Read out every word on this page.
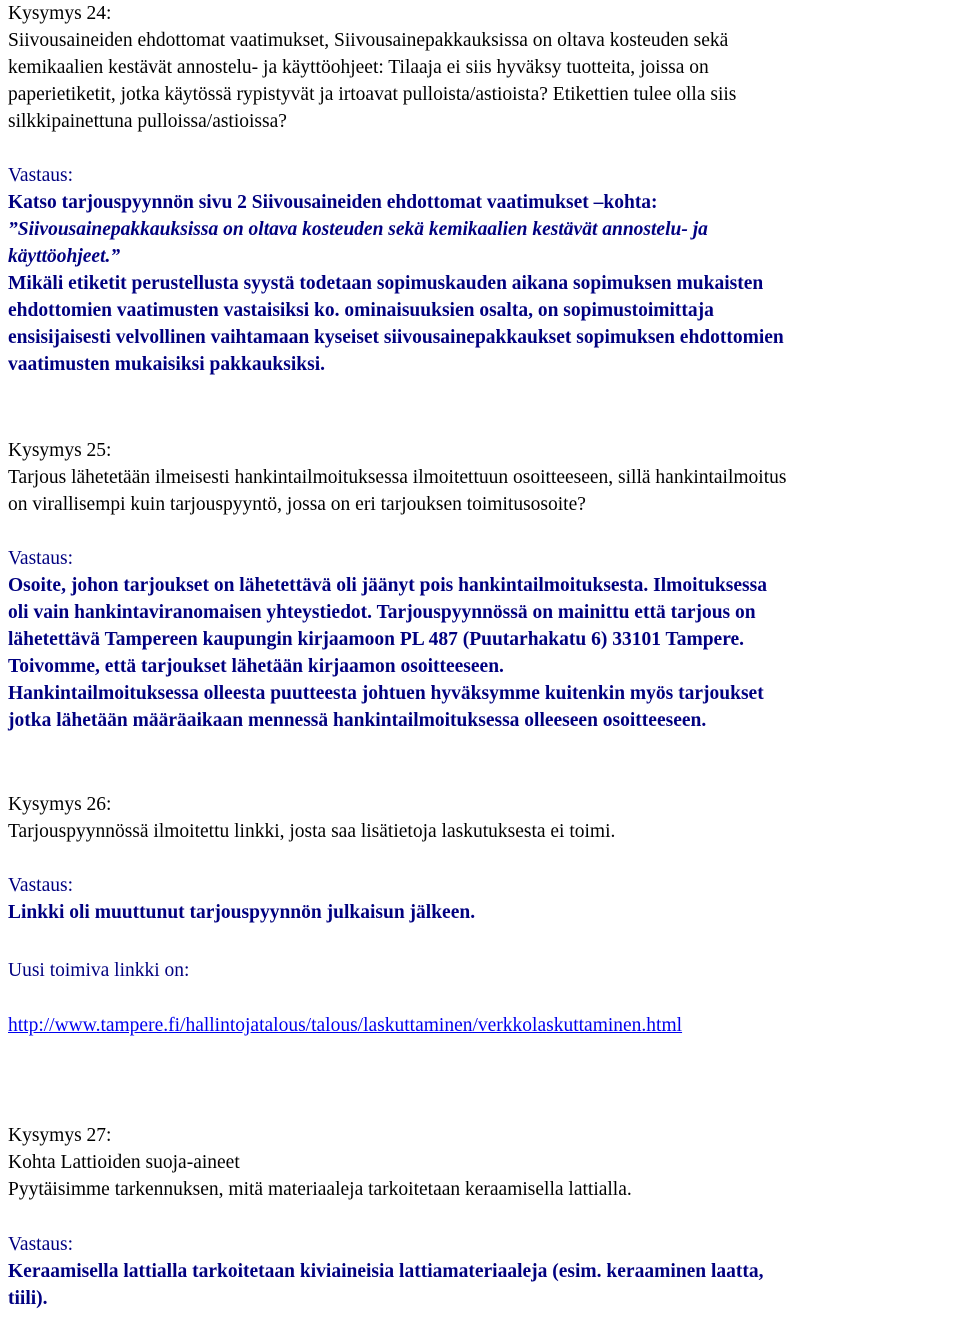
Kysymys 24:

Siivousaineiden ehdottomat vaatimukset, Siivousainepakkauksissa on oltava kosteuden sekä

kemikaalien kestävät annostelu- ja käyttöohjeet: Tilaaja ei siis hyväksy tuotteita, joissa on

paperietiketit, jotka käytössä rypistyvät ja irtoavat pulloista/astioista? Etikettien tulee olla siis

silkkipainettuna pulloissa/astioissa?

Vastaus:

Katso tarjouspyynnön sivu 2 Siivousaineiden ehdottomat vaatimukset –kohta:

”Siivousainepakkauksissa on oltava kosteuden sekä kemikaalien kestävät annostelu- ja

käyttöohjeet.”

Mikäli etiketit perustellusta syystä todetaan sopimuskauden aikana sopimuksen mukaisten

ehdottomien vaatimusten vastaisiksi ko. ominaisuuksien osalta, on sopimustoimittaja

ensisijaisesti velvollinen vaihtamaan kyseiset siivousainepakkaukset sopimuksen ehdottomien

vaatimusten mukaisiksi pakkauksiksi.

Kysymys 25:

Tarjous lähetetään ilmeisesti hankintailmoituksessa ilmoitettuun osoitteeseen, sillä hankintailmoitus

on virallisempi kuin tarjouspyyntö, jossa on eri tarjouksen toimitusosoite?

Vastaus:

Osoite, johon tarjoukset on lähetettävä oli jäänyt pois hankintailmoituksesta. Ilmoituksessa

oli vain hankintaviranomaisen yhteystiedot. Tarjouspyynnössä on mainittu että tarjous on

lähetettävä Tampereen kaupungin kirjaamoon PL 487 (Puutarhakatu 6) 33101 Tampere.

Toivomme, että tarjoukset lähetään kirjaamon osoitteeseen.

Hankintailmoituksessa olleesta puutteesta johtuen hyväksymme kuitenkin myös tarjoukset

jotka lähetään määräaikaan mennessä hankintailmoituksessa olleeseen osoitteeseen.

Kysymys 26:

Tarjouspyynnössä ilmoitettu linkki, josta saa lisätietoja laskutuksesta ei toimi.

Vastaus:

Linkki oli muuttunut tarjouspyynnön julkaisun jälkeen.

Uusi toimiva linkki on:

http://www.tampere.fi/hallintojatalous/talous/laskuttaminen/verkkolaskuttaminen.html

Kysymys 27:

Kohta Lattioiden suoja-aineet

Pyytäisimme tarkennuksen, mitä materiaaleja tarkoitetaan keraamisella lattialla.

Vastaus:

Keraamisella lattialla tarkoitetaan kiviaineisia lattiamateriaaleja (esim. keraaminen laatta,

tiili).
